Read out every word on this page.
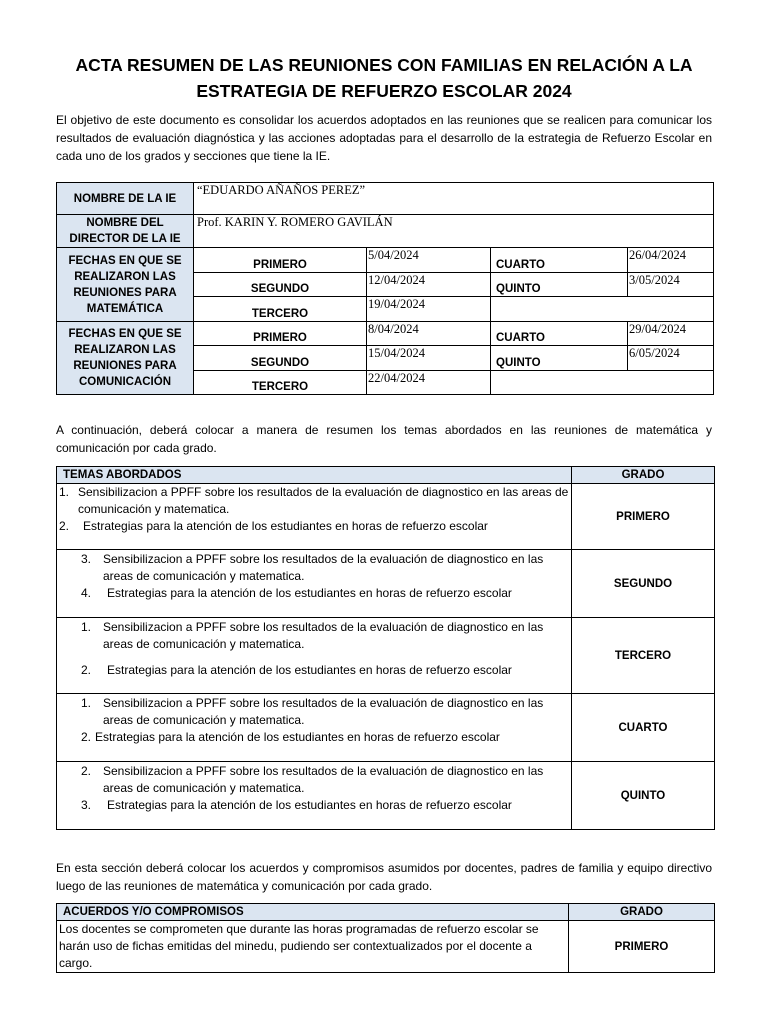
ACTA RESUMEN DE LAS REUNIONES CON FAMILIAS EN RELACIÓN A LA ESTRATEGIA DE REFUERZO ESCOLAR 2024

El objetivo de este documento es consolidar los acuerdos adoptados en las reuniones que se realicen para comunicar los resultados de evaluación diagnóstica y las acciones adoptadas para el desarrollo de la estrategia de Refuerzo Escolar en cada uno de los grados y secciones que tiene la IE.

NOMBRE DE LA IE	“EDUARDO AÑAÑOS PEREZ”			
NOMBRE DEL DIRECTOR DE LA IE	Prof. KARIN Y. ROMERO GAVILÁN			
FECHAS EN QUE SE REALIZARON LAS REUNIONES PARA MATEMÁTICA	PRIMERO	5/04/2024	CUARTO	26/04/2024
	SEGUNDO	12/04/2024	QUINTO	3/05/2024
	TERCERO	19/04/2024		
FECHAS EN QUE SE REALIZARON LAS REUNIONES PARA COMUNICACIÓN	PRIMERO	8/04/2024	CUARTO	29/04/2024
	SEGUNDO	15/04/2024	QUINTO	6/05/2024
	TERCERO	22/04/2024		

A continuación, deberá colocar a manera de resumen los temas abordados en las reuniones de matemática y comunicación por cada grado.

TEMAS ABORDADOS	GRADO

1. Sensibilizacion a PPFF sobre los resultados de la evaluación de diagnostico en las areas de comunicación y matematica.
2. Estrategias para la atención de los estudiantes en horas de refuerzo escolar	PRIMERO

3. Sensibilizacion a PPFF sobre los resultados de la evaluación de diagnostico en las areas de comunicación y matematica.
4. Estrategias para la atención de los estudiantes en horas de refuerzo escolar	SEGUNDO

1. Sensibilizacion a PPFF sobre los resultados de la evaluación de diagnostico en las areas de comunicación y matematica.
2. Estrategias para la atención de los estudiantes en horas de refuerzo escolar	TERCERO

1. Sensibilizacion a PPFF sobre los resultados de la evaluación de diagnostico en las areas de comunicación y matematica.
2. Estrategias para la atención de los estudiantes en horas de refuerzo escolar	CUARTO

2. Sensibilizacion a PPFF sobre los resultados de la evaluación de diagnostico en las areas de comunicación y matematica.
3. Estrategias para la atención de los estudiantes en horas de refuerzo escolar	QUINTO

En esta sección deberá colocar los acuerdos y compromisos asumidos por docentes, padres de familia y equipo directivo luego de las reuniones de matemática y comunicación por cada grado.

ACUERDOS Y/O COMPROMISOS	GRADO
Los docentes se comprometen que durante las horas programadas de refuerzo escolar se harán uso de fichas emitidas del minedu, pudiendo ser contextualizados por el docente a cargo.	PRIMERO
